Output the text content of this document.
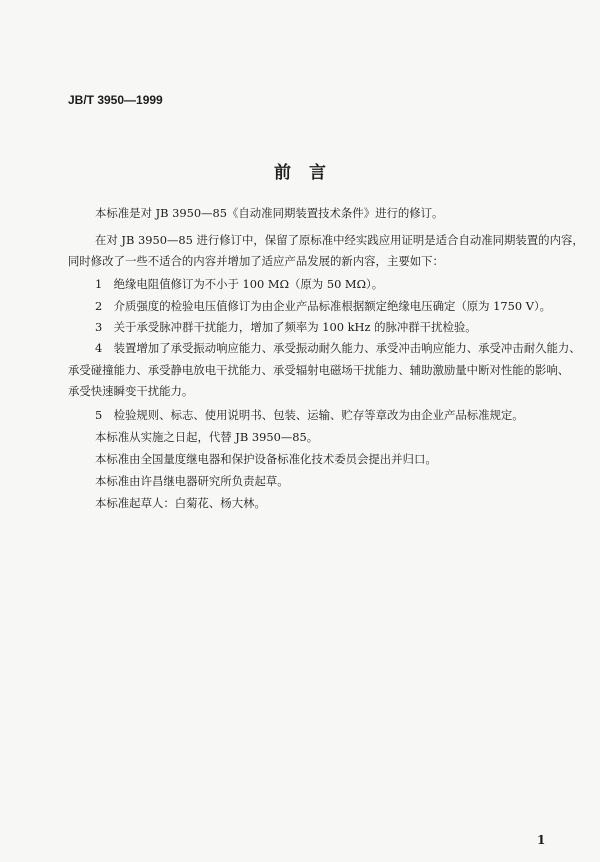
JB/T 3950—1999
前言
本标准是对 JB 3950—85《自动准同期装置技术条件》进行的修订。
在对 JB 3950—85 进行修订中，保留了原标准中经实践应用证明是适合自动准同期装置的内容，
同时修改了一些不适合的内容并增加了适应产品发展的新内容，主要如下：
1　绝缘电阻值修订为不小于 100 MΩ（原为 50 MΩ）。
2　介质强度的检验电压值修订为由企业产品标准根据额定绝缘电压确定（原为 1750 V）。
3　关于承受脉冲群干扰能力，增加了频率为 100 kHz 的脉冲群干扰检验。
4　装置增加了承受振动响应能力、承受振动耐久能力、承受冲击响应能力、承受冲击耐久能力、
承受碰撞能力、承受静电放电干扰能力、承受辐射电磁场干扰能力、辅助激励量中断对性能的影响、
承受快速瞬变干扰能力。
5　检验规则、标志、使用说明书、包装、运输、贮存等章改为由企业产品标准规定。
本标准从实施之日起，代替 JB 3950—85。
本标准由全国量度继电器和保护设备标准化技术委员会提出并归口。
本标准由许昌继电器研究所负责起草。
本标准起草人：白菊花、杨大林。
1
